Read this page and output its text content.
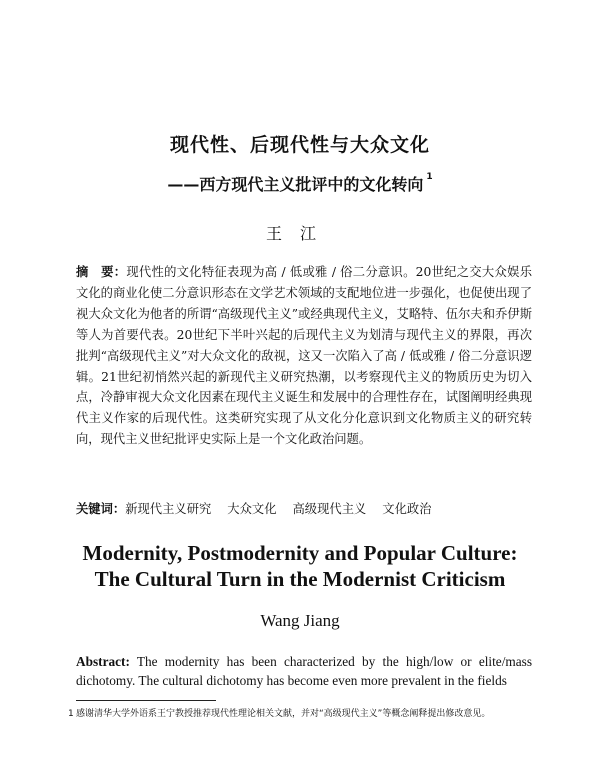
现代性、后现代性与大众文化
——西方现代主义批评中的文化转向 $^1$
王江
摘　要：现代性的文化特征表现为高 / 低或雅 / 俗二分意识。20世纪之交大众娱乐文化的商业化使二分意识形态在文学艺术领域的支配地位进一步强化，也促使出现了视大众文化为他者的所谓“高级现代主义”或经典现代主义，艾略特、伍尔夫和乔伊斯等人为首要代表。20世纪下半叶兴起的后现代主义为划清与现代主义的界限，再次批判“高级现代主义”对大众文化的敌视，这又一次陷入了高 / 低或雅 / 俗二分意识逻辑。21世纪初悄然兴起的新现代主义研究热潮，以考察现代主义的物质历史为切入点，冷静审视大众文化因素在现代主义诞生和发展中的合理性存在，试图阐明经典现代主义作家的后现代性。这类研究实现了从文化分化意识到文化物质主义的研究转向，现代主义世纪批评史实际上是一个文化政治问题。
关键词：新现代主义研究 大众文化 高级现代主义 文化政治
Modernity, Postmodernity and Popular Culture:
The Cultural Turn in the Modernist Criticism
Wang Jiang
Abstract: The modernity has been characterized by the high/low or elite/mass dichotomy. The cultural dichotomy has become even more prevalent in the fields
1 感谢清华大学外语系王宁教授推荐现代性理论相关文献，并对“高级现代主义”等概念阐释提出修改意见。
